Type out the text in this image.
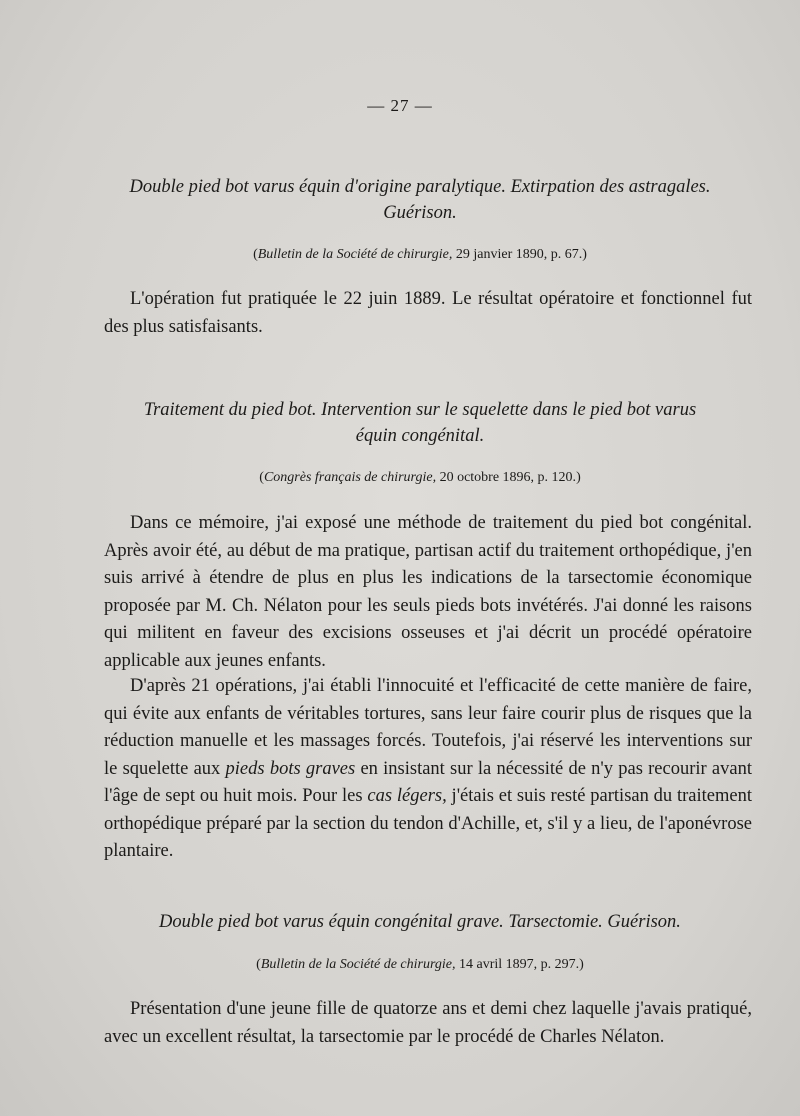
— 27 —
Double pied bot varus équin d'origine paralytique. Extirpation des astragales.
Guérison.
(Bulletin de la Société de chirurgie, 29 janvier 1890, p. 67.)
L'opération fut pratiquée le 22 juin 1889. Le résultat opératoire et fonctionnel fut des plus satisfaisants.
Traitement du pied bot. Intervention sur le squelette dans le pied bot varus
équin congénital.
(Congrès français de chirurgie, 20 octobre 1896, p. 120.)
Dans ce mémoire, j'ai exposé une méthode de traitement du pied bot congénital. Après avoir été, au début de ma pratique, partisan actif du traitement orthopédique, j'en suis arrivé à étendre de plus en plus les indications de la tarsectomie économique proposée par M. Ch. Nélaton pour les seuls pieds bots invétérés. J'ai donné les raisons qui militent en faveur des excisions osseuses et j'ai décrit un procédé opératoire applicable aux jeunes enfants.
D'après 21 opérations, j'ai établi l'innocuité et l'efficacité de cette manière de faire, qui évite aux enfants de véritables tortures, sans leur faire courir plus de risques que la réduction manuelle et les massages forcés. Toutefois, j'ai réservé les interventions sur le squelette aux pieds bots graves en insistant sur la nécessité de n'y pas recourir avant l'âge de sept ou huit mois. Pour les cas légers, j'étais et suis resté partisan du traitement orthopédique préparé par la section du tendon d'Achille, et, s'il y a lieu, de l'aponévrose plantaire.
Double pied bot varus équin congénital grave. Tarsectomie. Guérison.
(Bulletin de la Société de chirurgie, 14 avril 1897, p. 297.)
Présentation d'une jeune fille de quatorze ans et demi chez laquelle j'avais pratiqué, avec un excellent résultat, la tarsectomie par le procédé de Charles Nélaton.
